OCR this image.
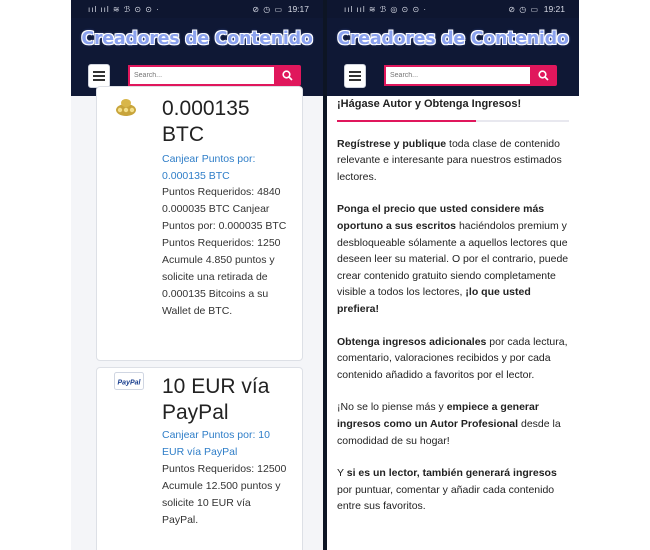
ııl ııl ≋ ℬ ⊙ ⊙ ·	⊘ ◷ ▭ 19:17
Creadores de Contenido
Search...
0.000135 BTC
Canjear Puntos por: 0.000135 BTC
Puntos Requeridos: 4840 0.000035 BTC Canjear Puntos por: 0.000035 BTC Puntos Requeridos: 1250 Acumule 4.850 puntos y solicite una retirada de 0.000135 Bitcoins a su Wallet de BTC.
PayPal 10 EUR vía PayPal
Canjear Puntos por: 10 EUR vía PayPal
Puntos Requeridos: 12500 Acumule 12.500 puntos y solicite 10 EUR vía PayPal.
ııl ııl ≋ ℬ ◎ ⊙ ⊙ ·	⊘ ◷ ▭ 19:21
Creadores de Contenido
Search...
¡Hágase Autor y Obtenga Ingresos!

Regístrese y publique toda clase de contenido relevante e interesante para nuestros estimados lectores.

Ponga el precio que usted considere más oportuno a sus escritos haciéndolos premium y desbloqueable sólamente a aquellos lectores que deseen leer su material. O por el contrario, puede crear contenido gratuito siendo completamente visible a todos los lectores, ¡lo que usted prefiera!

Obtenga ingresos adicionales por cada lectura, comentario, valoraciones recibidos y por cada contenido añadido a favoritos por el lector.

¡No se lo piense más y empiece a generar ingresos como un Autor Profesional desde la comodidad de su hogar!

Y si es un lector, también generará ingresos por puntuar, comentar y añadir cada contenido entre sus favoritos.
